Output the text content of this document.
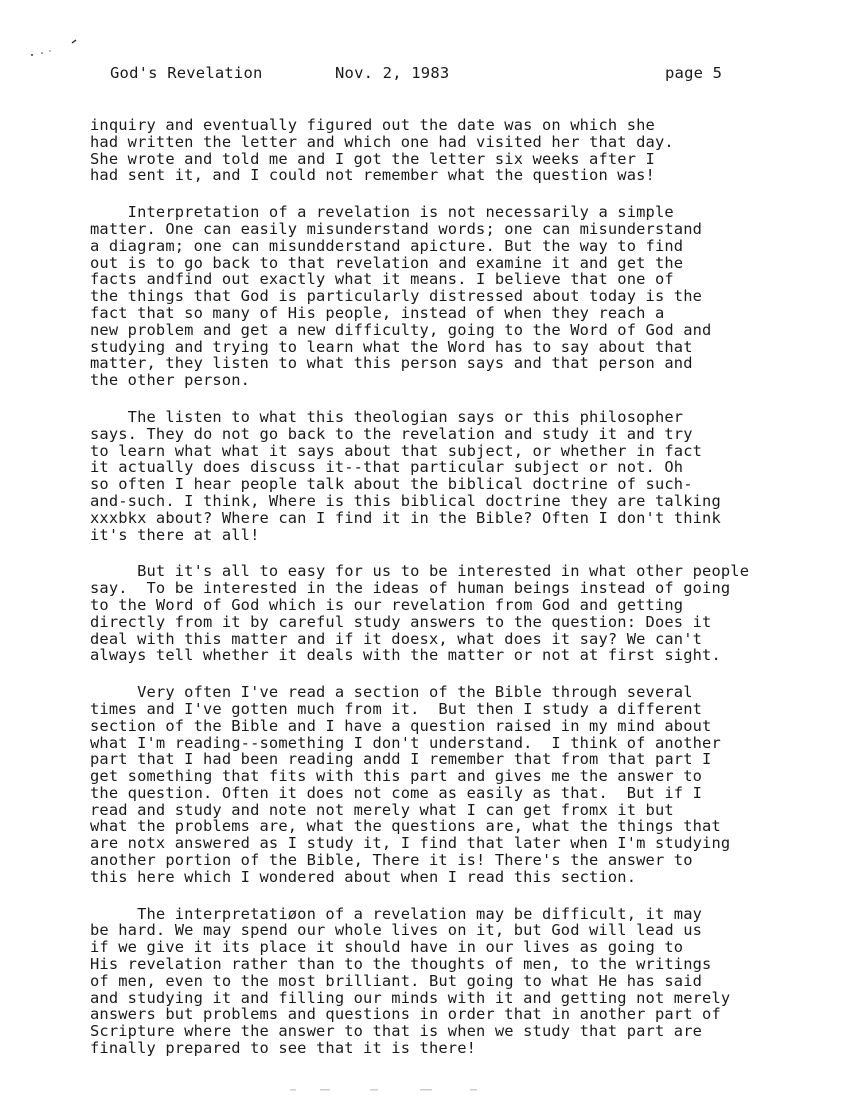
God's Revelation	Nov. 2, 1983	page 5
inquiry and eventually figured out the date was on which she
had written the letter and which one had visited her that day.
She wrote and told me and I got the letter six weeks after I
had sent it, and I could not remember what the question was!
Interpretation of a revelation is not necessarily a simple
matter. One can easily misunderstand words; one can misunderstand
a diagram; one can misundderstand apicture. But the way to find
out is to go back to that revelation and examine it and get the
facts andfind out exactly what it means. I believe that one of
the things that God is particularly distressed about today is the
fact that so many of His people, instead of when they reach a
new problem and get a new difficulty, going to the Word of God and
studying and trying to learn what the Word has to say about that
matter, they listen to what this person says and that person and
the other person.
The listen to what this theologian says or this philosopher
says. They do not go back to the revelation and study it and try
to learn what what it says about that subject, or whether in fact
it actually does discuss it--that particular subject or not. Oh
so often I hear people talk about the biblical doctrine of such-
and-such. I think, Where is this biblical doctrine they are talking
xxxbkx about? Where can I find it in the Bible? Often I don't think
it's there at all!
But it's all to easy for us to be interested in what other people
say.  To be interested in the ideas of human beings instead of going
to the Word of God which is our revelation from God and getting
directly from it by careful study answers to the question: Does it
deal with this matter and if it doesx, what does it say? We can't
always tell whether it deals with the matter or not at first sight.
Very often I've read a section of the Bible through several
times and I've gotten much from it.  But then I study a different
section of the Bible and I have a question raised in my mind about
what I'm reading--something I don't understand.  I think of another
part that I had been reading andd I remember that from that part I
get something that fits with this part and gives me the answer to
the question. Often it does not come as easily as that.  But if I
read and study and note not merely what I can get fromx it but
what the problems are, what the questions are, what the things that
are notx answered as I study it, I find that later when I'm studying
another portion of the Bible, There it is! There's the answer to
this here which I wondered about when I read this section.
The interpretatiøon of a revelation may be difficult, it may
be hard. We may spend our whole lives on it, but God will lead us
if we give it its place it should have in our lives as going to
His revelation rather than to the thoughts of men, to the writings
of men, even to the most brilliant. But going to what He has said
and studying it and filling our minds with it and getting not merely
answers but problems and questions in order that in another part of
Scripture where the answer to that is when we study that part are
finally prepared to see that it is there!
